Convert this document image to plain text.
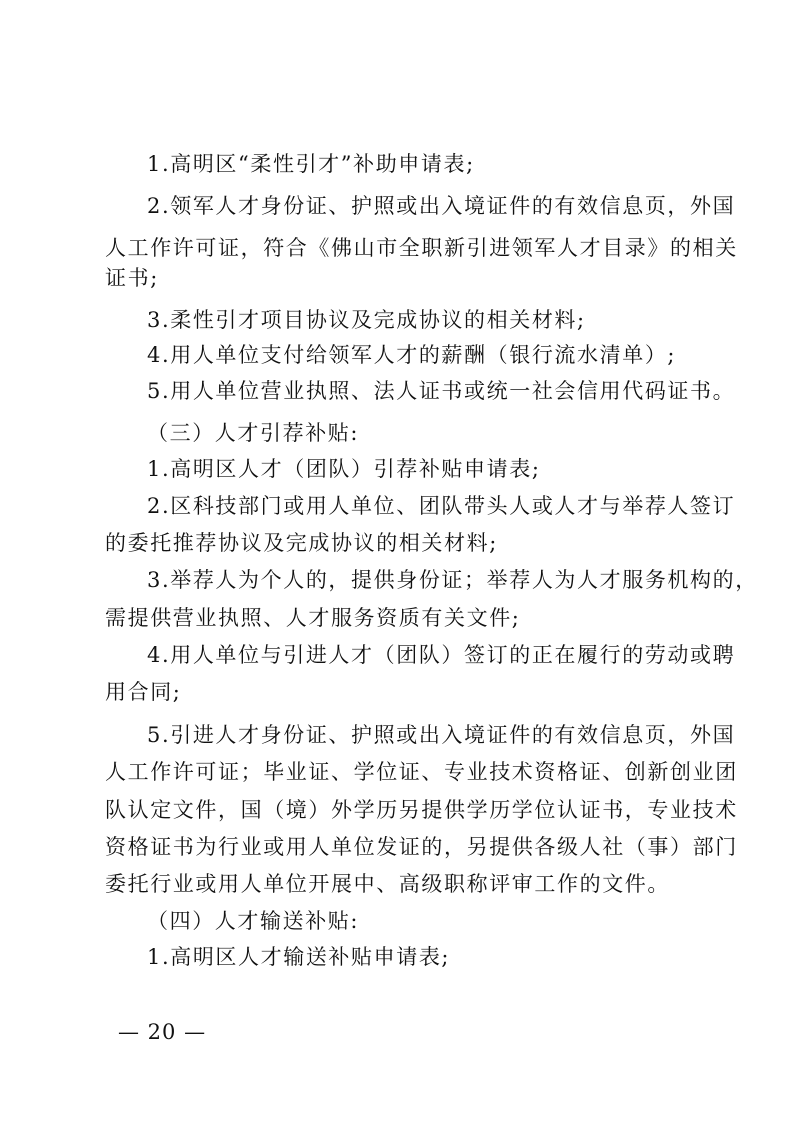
1.高明区“柔性引才”补助申请表;
2.领军人才身份证、护照或出入境证件的有效信息页，外国
人工作许可证，符合《佛山市全职新引进领军人才目录》的相关
证书;
3.柔性引才项目协议及完成协议的相关材料;
4.用人单位支付给领军人才的薪酬（银行流水清单）;
5.用人单位营业执照、法人证书或统一社会信用代码证书。
（三）人才引荐补贴:
1.高明区人才（团队）引荐补贴申请表;
2.区科技部门或用人单位、团队带头人或人才与举荐人签订
的委托推荐协议及完成协议的相关材料;
3.举荐人为个人的，提供身份证；举荐人为人才服务机构的，
需提供营业执照、人才服务资质有关文件;
4.用人单位与引进人才（团队）签订的正在履行的劳动或聘
用合同;
5.引进人才身份证、护照或出入境证件的有效信息页，外国
人工作许可证；毕业证、学位证、专业技术资格证、创新创业团
队认定文件，国（境）外学历另提供学历学位认证书，专业技术
资格证书为行业或用人单位发证的，另提供各级人社（事）部门
委托行业或用人单位开展中、高级职称评审工作的文件。
（四）人才输送补贴:
1.高明区人才输送补贴申请表;
— 20 —
